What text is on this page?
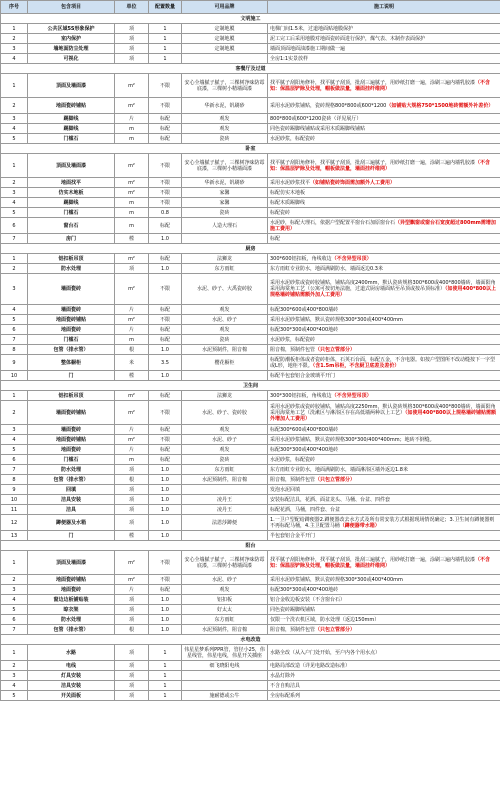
序号	包含项目	单位	配置数量	可用品牌	施工说明
文明施工					
1	公共区域5S形象保护	项	1	定制地膜	电梯门间1.5米，过道地面贴地膜保护
2	室内保护	项	1	定制地膜	泥工完工后采用地膜对地面瓷砖面进行保护，煤气表、木制作表面保护
3	墙地面防尘处理	项	1	定制地膜	墙面顶面地面油漆施工期间做一遍
4	可视化	项	1		全房1:1实景放样
客餐厅及过道					
1	顶面及墙面漆	m²	不限	安心全墙腻子腻子，三棵树净味防霉底漆，三棵树小精墙面漆	找平腻子刮阳角修补，找平腻子刮顶，批刮三遍腻子，用砂纸打磨一遍，涂刷三遍内墙乳胶漆（不含知：保温层铲除及处理，帽板做法量，墙面挂纤维网）
2	地面瓷砖铺贴	m²	不限	华新水泥，钒刷砂	采用水泥砂浆铺贴，瓷砖规格800*800或600*1200（如铺贴大规格750*1500地砖需额外补差价）
3	踢脚线	片	标配	观发	800*800或600*1200瓷砖（详见展厅）
4	踢脚线	m	标配	观发	同色瓷砖踢脚线铺贴或采用木质踢脚线铺贴
5	门槛石	m	标配	瓷砖	水泥砂浆，标配瓷砖
卧室					
1	顶面及墙面漆	m²	不限	安心全墙腻子腻子，三棵树净味防霉底漆，三棵树小精墙面漆	找平腻子刮阳角修补，找平腻子刮顶，批刮三遍腻子，用砂纸打磨一遍，涂刷三遍内墙乳胶漆（不含知：保温层铲除及处理，帽板做法量，墙面挂纤维网）
2	地面找平	m²	不限	华新水泥，钒刷砂	采用水泥砂浆找平（如铺贴瓷砖饰面需加额外人工费用）
3	仿实木地板	m²	不限	家馨	标配仿实木地板
4	踢脚线	m	不限	家馨	标配木质踢脚线
5	门槛石	m	0.8	瓷砖	标配瓷砖
6	窗台石	m	标配	人造大理石	水泥砂，标配大理石，依据户型配置平窗台石加原窗台石（异型飘窗或窗台石宽度超过800mm需增加施工费用）
7	房门	樘	1.0		标配
厨房					
1	铝扣板吊顶	m²	标配	法狮龙	300*600铝扣板，角线收边（不含异型吊顶）
2	防水处理	项	1.0	东方雨虹	东方雨虹专业防水，地面满刷防水，墙面返边0.3米
3	墙面瓷砖	m²	不限	水泥、砂子、大禹瓷砖胶	采用水泥砂浆或瓷砖胶铺贴，铺贴高度2400mm，默认瓷砖规格300*600或400*800墙砖，墙面阳角采用海棠角工艺（公寓可按切角法施，过道式厨房墙面贴至吊顶或按吊顶标准）（如使用400*800以上规格墙砖铺贴需额外加人工费用）
4	墙面瓷砖	片	标配	观发	标配300*600或400*800墙砖
5	地面瓷砖铺贴	m²	不限	水泥、砂子	采用水泥砂浆铺贴，默认瓷砖规格300*300或400*400mm
6	地面瓷砖	片	标配	观发	标配300*300或400*400地砖
7	门槛石	m	标配	瓷砖	水泥砂浆，标配瓷砖
8	包管（排水管）	根	1.0	水泥预制件，阻音棉	阻音棉，预制件包管（只包立管部分）
9	整体橱柜	米	3.5	樱花橱柜	标配防潮板柜体或者瓷砖柜体，石英石台面，标配五金，不含电器。如按户型图所不改动缝按下一字型或L形，地柜不限。（含1.5m吊柜，不含厨卫底差及差价）
10	门	樘	1.0		标配半包套铝合金玻璃平开门
卫生间					
1	铝扣板吊顶	m²	标配	法狮龙	300*300铝扣板，角线收边（不含异型吊顶）
2	墙面瓷砖铺贴	m²	不限	水泥、砂子、瓷砖胶	采用水泥砂浆或瓷砖胶铺贴，铺贴高度2250mm，默认瓷砖规格300*600或400*800墙砖，墙面阳角采用海棠角工艺（洗漱区与淋浴区存在高低墙两种以上工艺）（如使用400*800以上规格墙砖铺贴需额外增加人工费用）
3	墙面瓷砖	片	标配	观发	标配300*600或400*800墙砖
4	地面瓷砖铺贴	m²	不限	水泥、砂子	采用水泥砂浆铺贴，默认瓷砖规格300*300/400*400mm；地砖不倒缝。
5	地面瓷砖	片	标配	观发	标配300*300或400*400地砖
6	门槛石	m	标配	瓷砖	水泥砂浆，标配瓷砖
7	防水处理	项	1.0	东方雨虹	东方雨虹专业防水，地面满刷防水，墙面淋浴区墙外返边1.8米
8	包管（排水管）	根	1.0	水泥预制件，阻音棉	阻音棉，预制件包管（只包立管部分）
9	回填	项	1.0		发泡水泥回填
10	洁具安装	项	1.0	凌丹王	安装标配洁具，花洒、面盆龙头、马桶、台盆、四件套
11	洁具	项	1.0	凌丹王	标配花洒，马桶，四件套、台盆
12	蹲便器及水箱	项	1.0	法恩莎蹲便	1.一卫户型配给蹲便器2.蹲便器改去水方式及所有常安装方式根据现场情况确定；3.卫生间有蹲便器则不再标配马桶，4.主卫配置马桶（蹲便器带水箱）
13	门	樘	1.0		半包套铝合金平开门
阳台					
1	顶面及墙面漆	m²	不限	安心全墙腻子腻子，三棵树净味防霉底漆，三棵树小精墙面漆	找平腻子刮阳角修补，找平腻子刮顶，批刮三遍腻子，用砂纸打磨一遍，涂刷三遍内墙乳胶漆（不含知：保温层铲除及处理，帽板做法量，墙面挂纤维网）
2	地面瓷砖铺贴	m²	不限	水泥、砂子	采用水泥砂浆铺贴，默认瓷砖规格300*300或400*400mm
3	地面瓷砖	片	标配	观发	标配300*300或400*400地砖
4	窗边边板铺贴装	项	1.0	铝扣板	铝合金收边板安装（不含窗台石）
5	晾衣架	项	1.0	好太太	同色瓷砖踢脚线铺贴
6	防水处理	项	1.0	东方雨虹	仅限一个洗衣机区域，防水处理（返边150mm）
7	包管（排水管）	根	1.0	水泥预制件，阻音棉	阻音棉，预制件包管（只包立管部分）
水电改造					
1	水路	项	1	伟星星梦系列PPR管，管径小25，伟星线管，伟星电线，伟星开关插座	水路全改（从入户门处开始，至户内各个用水点）
2	电线	项	1	细飞晓阳电线	电路局部改造（详见电路改造标准）
3	灯具安装	项	1		水晶灯除外
4	洁具安装	项	1		不含自购洁具
5	开关面板	项	1	施耐德或公牛	全房标配系列
